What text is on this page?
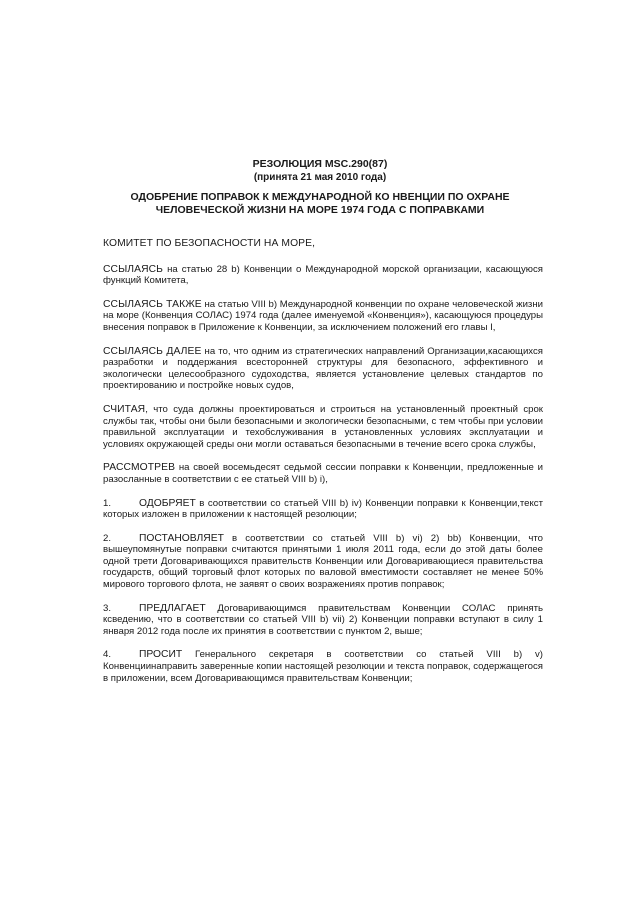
РЕЗОЛЮЦИЯ MSC.290(87)
(принята 21 мая 2010 года)
ОДОБРЕНИЕ ПОПРАВОК К МЕЖДУНАРОДНОЙ КО НВЕНЦИИ ПО ОХРАНЕ
ЧЕЛОВЕЧЕСКОЙ ЖИЗНИ НА МОРЕ 1974 ГОДА С ПОПРАВКАМИ

КОМИТЕТ ПО БЕЗОПАСНОСТИ НА МОРЕ,

ССЫЛАЯСЬ на статью 28 b) Конвенции о Международной морской организации, касающуюся функций Комитета,

ССЫЛАЯСЬ ТАКЖЕ на статью VIII b) Международной конвенции по охране человеческой жизни на море (Конвенция СОЛАС) 1974 года (далее именуемой «Конвенция»), касающуюся процедуры внесения поправок в Приложение к Конвенции, за исключением положений его главы I,

ССЫЛАЯСЬ ДАЛЕЕ на то, что одним из стратегических направлений Организации,касающихся разработки и поддержания всесторонней структуры для безопасного, эффективного и экологически целесообразного судоходства, является установление целевых стандартов по проектированию и постройке новых судов,

СЧИТАЯ, что суда должны проектироваться и строиться на установленный проектный срок службы так, чтобы они были безопасными и экологически безопасными, с тем чтобы при условии правильной эксплуатации и техобслуживания в установленных условиях эксплуатации и условиях окружающей среды они могли оставаться безопасными в течение всего срока службы,

РАССМОТРЕВ на своей восемьдесят седьмой сессии поправки к Конвенции, предложенные и разосланные в соответствии с ее статьей VIII b) i),

1.	ОДОБРЯЕТ в соответствии со статьей VIII b) iv) Конвенции поправки к Конвенции,текст которых изложен в приложении к настоящей резолюции;

2.	ПОСТАНОВЛЯЕТ в соответствии со статьей VIII b) vi) 2) bb) Конвенции, что вышеупомянутые поправки считаются принятыми 1 июля 2011 года, если до этой даты более одной трети Договаривающихся правительств Конвенции или Договаривающиеся правительства государств, общий торговый флот которых по валовой вместимости составляет не менее 50% мирового торгового флота, не заявят о своих возражениях против поправок;

3.	ПРЕДЛАГАЕТ Договаривающимся правительствам Конвенции СОЛАС принять ксведению, что в соответствии со статьей VIII b) vii) 2) Конвенции поправки вступают в силу 1 января 2012 года после их принятия в соответствии с пунктом 2, выше;

4.	ПРОСИТ Генерального секретаря в соответствии со статьей VIII b) v) Конвенциинаправить заверенные копии настоящей резолюции и текста поправок, содержащегося в приложении, всем Договаривающимся правительствам Конвенции;
